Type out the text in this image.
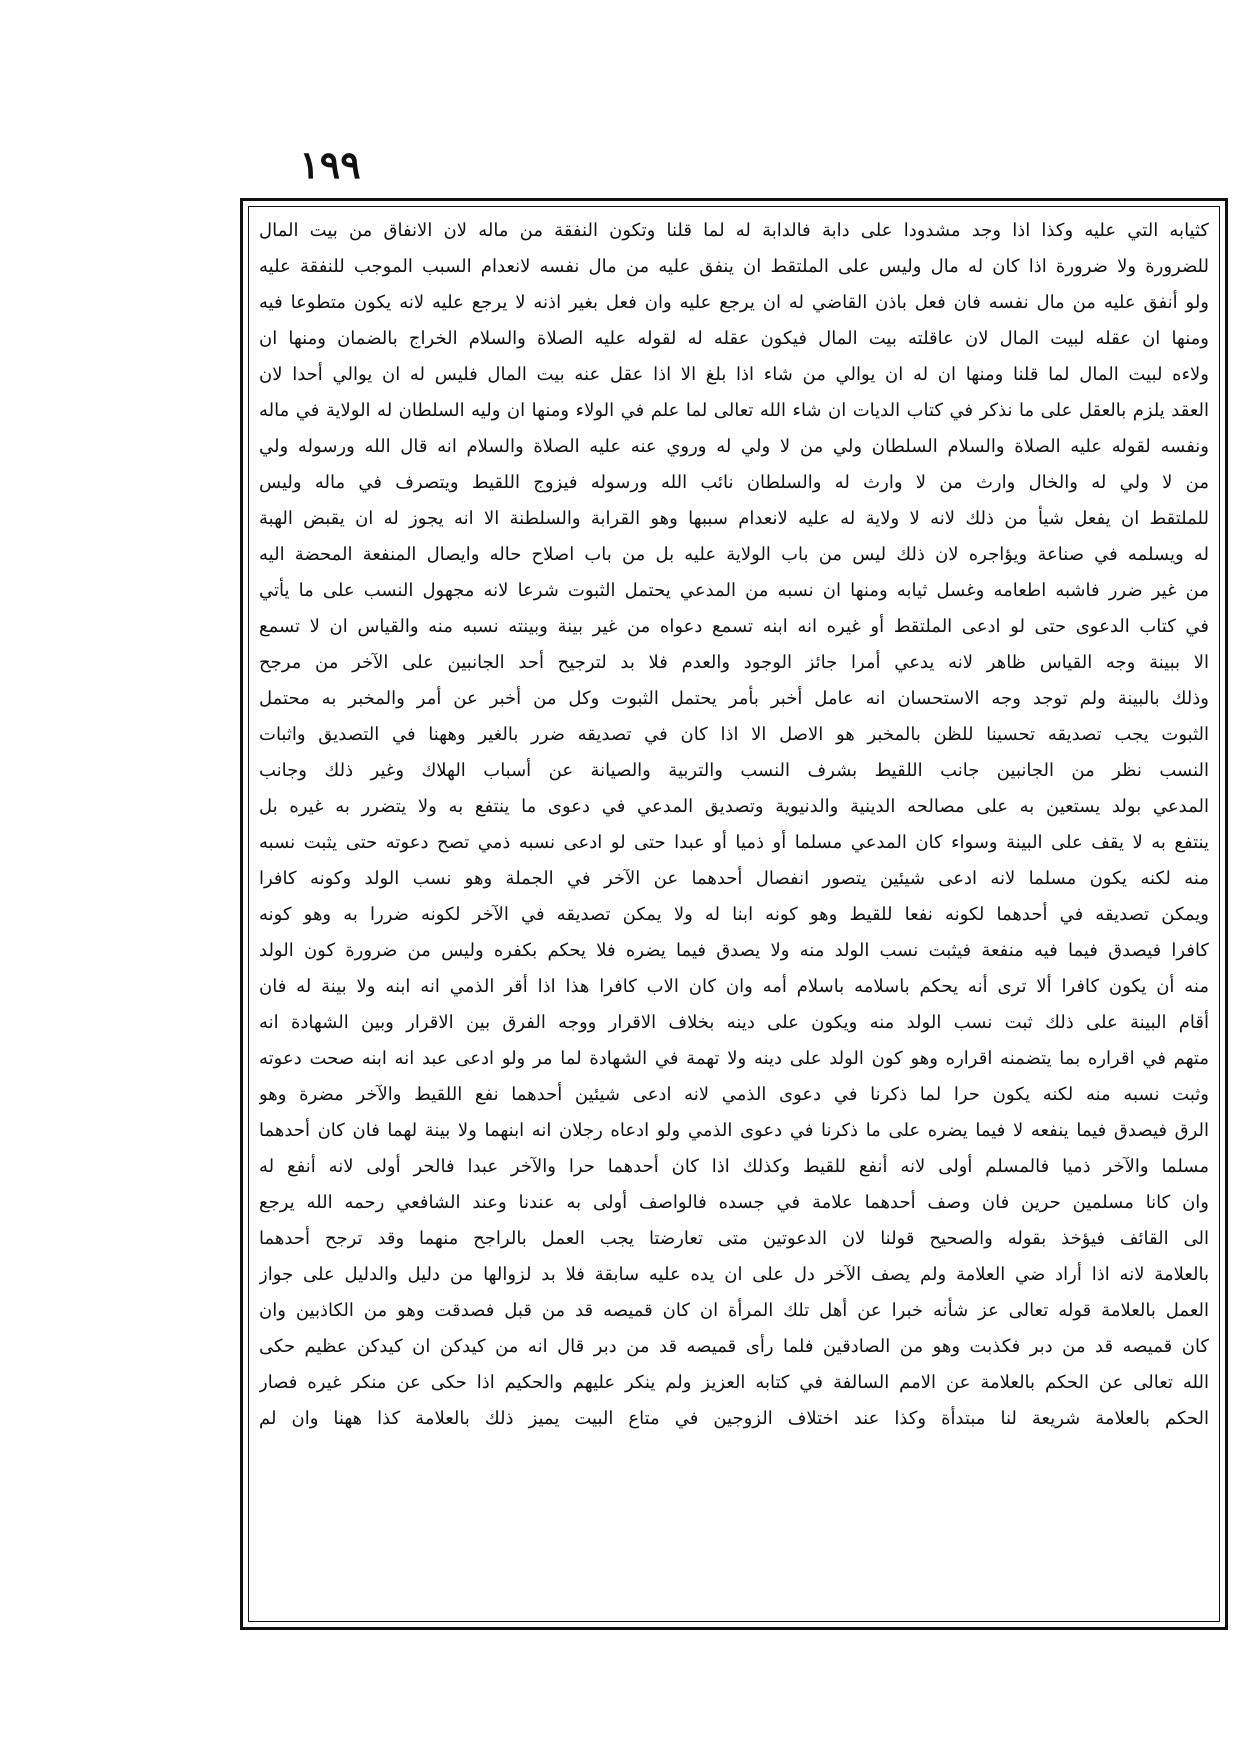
١٩٩
كثيابه التي عليه وكذا اذا وجد مشدودا على دابة فالدابة له لما قلنا وتكون النفقة من ماله لان الانفاق من بيت المال
للضرورة ولا ضرورة اذا كان له مال وليس على الملتقط ان ينفق عليه من مال نفسه لانعدام السبب الموجب للنفقة عليه
ولو أنفق عليه من مال نفسه فان فعل باذن القاضي له ان يرجع عليه وان فعل بغير اذنه لا يرجع عليه لانه يكون متطوعا فيه
ومنها ان عقله لبيت المال لان عاقلته بيت المال فيكون عقله له لقوله عليه الصلاة والسلام الخراج بالضمان ومنها ان
ولاءه لبيت المال لما قلنا ومنها ان له ان يوالي من شاء اذا بلغ الا اذا عقل عنه بيت المال فليس له ان يوالي أحدا لان
العقد يلزم بالعقل على ما نذكر في كتاب الديات ان شاء الله تعالى لما علم في الولاء ومنها ان وليه السلطان له الولاية في ماله
ونفسه لقوله عليه الصلاة والسلام السلطان ولي من لا ولي له وروي عنه عليه الصلاة والسلام انه قال الله ورسوله ولي
من لا ولي له والخال وارث من لا وارث له والسلطان نائب الله ورسوله فيزوج اللقيط ويتصرف في ماله وليس
للملتقط ان يفعل شيأ من ذلك لانه لا ولاية له عليه لانعدام سببها وهو القرابة والسلطنة الا انه يجوز له ان يقبض الهبة
له ويسلمه في صناعة ويؤاجره لان ذلك ليس من باب الولاية عليه بل من باب اصلاح حاله وايصال المنفعة المحضة اليه
من غير ضرر فاشبه اطعامه وغسل ثيابه ومنها ان نسبه من المدعي يحتمل الثبوت شرعا لانه مجهول النسب على ما يأتي
في كتاب الدعوى حتى لو ادعى الملتقط أو غيره انه ابنه تسمع دعواه من غير بينة وبينته نسبه منه والقياس ان لا تسمع
الا ببينة وجه القياس ظاهر لانه يدعي أمرا جائز الوجود والعدم فلا بد لترجيح أحد الجانبين على الآخر من مرجح
وذلك بالبينة ولم توجد وجه الاستحسان انه عامل أخبر بأمر يحتمل الثبوت وكل من أخبر عن أمر والمخبر به محتمل
الثبوت يجب تصديقه تحسينا للظن بالمخبر هو الاصل الا اذا كان في تصديقه ضرر بالغير وههنا في التصديق واثبات
النسب نظر من الجانبين جانب اللقيط بشرف النسب والتربية والصيانة عن أسباب الهلاك وغير ذلك وجانب
المدعي بولد يستعين به على مصالحه الدينية والدنيوية وتصديق المدعي في دعوى ما ينتفع به ولا يتضرر به غيره بل
ينتفع به لا يقف على البينة وسواء كان المدعي مسلما أو ذميا أو عبدا حتى لو ادعى نسبه ذمي تصح دعوته حتى يثبت نسبه
منه لكنه يكون مسلما لانه ادعى شيئين يتصور انفصال أحدهما عن الآخر في الجملة وهو نسب الولد وكونه كافرا
ويمكن تصديقه في أحدهما لكونه نفعا للقيط وهو كونه ابنا له ولا يمكن تصديقه في الآخر لكونه ضررا به وهو كونه
كافرا فيصدق فيما فيه منفعة فيثبت نسب الولد منه ولا يصدق فيما يضره فلا يحكم بكفره وليس من ضرورة كون الولد
منه أن يكون كافرا ألا ترى أنه يحكم باسلامه باسلام أمه وان كان الاب كافرا هذا اذا أقر الذمي انه ابنه ولا بينة له فان
أقام البينة على ذلك ثبت نسب الولد منه ويكون على دينه بخلاف الاقرار ووجه الفرق بين الاقرار وبين الشهادة انه
متهم في اقراره بما يتضمنه اقراره وهو كون الولد على دينه ولا تهمة في الشهادة لما مر ولو ادعى عبد انه ابنه صحت دعوته
وثبت نسبه منه لكنه يكون حرا لما ذكرنا في دعوى الذمي لانه ادعى شيئين أحدهما نفع اللقيط والآخر مضرة وهو
الرق فيصدق فيما ينفعه لا فيما يضره على ما ذكرنا في دعوى الذمي ولو ادعاه رجلان انه ابنهما ولا بينة لهما فان كان أحدهما
مسلما والآخر ذميا فالمسلم أولى لانه أنفع للقيط وكذلك اذا كان أحدهما حرا والآخر عبدا فالحر أولى لانه أنفع له
وان كانا مسلمين حرين فان وصف أحدهما علامة في جسده فالواصف أولى به عندنا وعند الشافعي رحمه الله يرجع
الى القائف فيؤخذ بقوله والصحيح قولنا لان الدعوتين متى تعارضتا يجب العمل بالراجح منهما وقد ترجح أحدهما
بالعلامة لانه اذا أراد ضي العلامة ولم يصف الآخر دل على ان يده عليه سابقة فلا بد لزوالها من دليل والدليل على جواز
العمل بالعلامة قوله تعالى عز شأنه خبرا عن أهل تلك المرأة ان كان قميصه قد من قبل فصدقت وهو من الكاذبين وان
كان قميصه قد من دبر فكذبت وهو من الصادقين فلما رأى قميصه قد من دبر قال انه من كيدكن ان كيدكن عظيم حكى
الله تعالى عن الحكم بالعلامة عن الامم السالفة في كتابه العزيز ولم ينكر عليهم والحكيم اذا حكى عن منكر غيره فصار
الحكم بالعلامة شريعة لنا مبتدأة وكذا عند اختلاف الزوجين في متاع البيت يميز ذلك بالعلامة كذا ههنا وان لم
